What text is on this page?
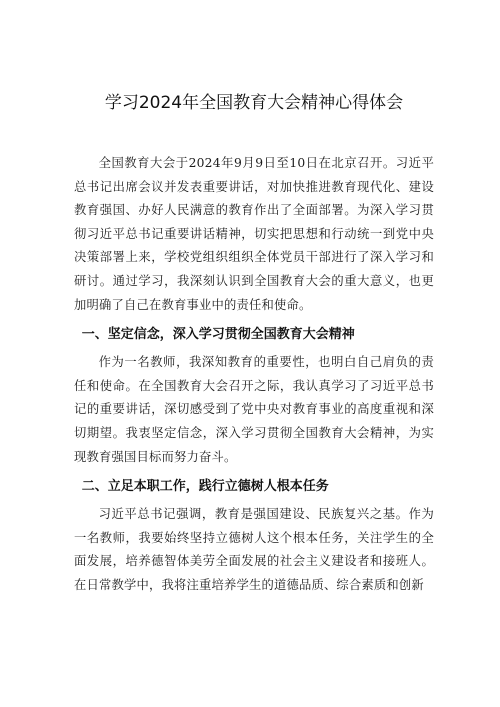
学习2024年全国教育大会精神心得体会

全国教育大会于2024年9月9日至10日在北京召开。习近平总书记出席会议并发表重要讲话，对加快推进教育现代化、建设教育强国、办好人民满意的教育作出了全面部署。为深入学习贯彻习近平总书记重要讲话精神，切实把思想和行动统一到党中央决策部署上来，学校党组织组织全体党员干部进行了深入学习和研讨。通过学习，我深刻认识到全国教育大会的重大意义，也更加明确了自己在教育事业中的责任和使命。

一、坚定信念，深入学习贯彻全国教育大会精神

作为一名教师，我深知教育的重要性，也明白自己肩负的责任和使命。在全国教育大会召开之际，我认真学习了习近平总书记的重要讲话，深切感受到了党中央对教育事业的高度重视和深切期望。我衷坚定信念，深入学习贯彻全国教育大会精神，为实现教育强国目标而努力奋斗。

二、立足本职工作，践行立德树人根本任务

习近平总书记强调，教育是强国建设、民族复兴之基。作为一名教师，我要始终坚持立德树人这个根本任务，关注学生的全面发展，培养德智体美劳全面发展的社会主义建设者和接班人。在日常教学中，我将注重培养学生的道德品质、综合素质和创新
